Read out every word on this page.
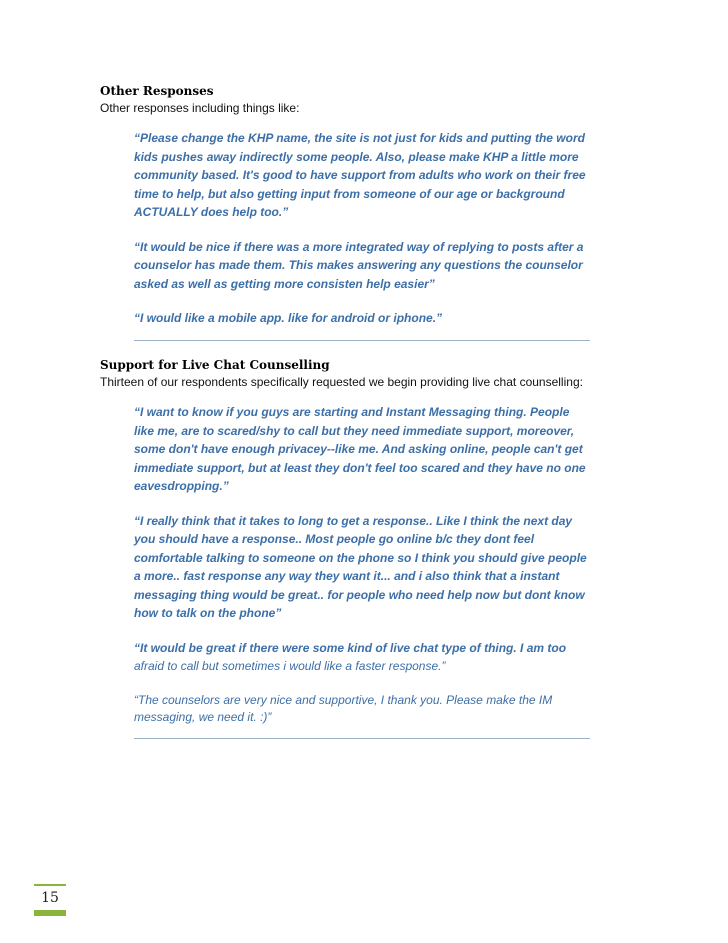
Other Responses

Other responses including things like:

“Please change the KHP name, the site is not just for kids and putting the word kids pushes away indirectly some people. Also, please make KHP a little more community based. It's good to have support from adults who work on their free time to help, but also getting input from someone of our age or background ACTUALLY does help too.”

“It would be nice if there was a more integrated way of replying to posts after a counselor has made them. This makes answering any questions the counselor asked as well as getting more consisten help easier”

“I would like a mobile app. like for android or iphone.”

Support for Live Chat Counselling

Thirteen of our respondents specifically requested we begin providing live chat counselling:

“I want to know if you guys are starting and Instant Messaging thing. People like me, are to scared/shy to call but they need immediate support, moreover, some don't have enough privacey--like me. And asking online, people can't get immediate support, but at least they don't feel too scared and they have no one eavesdropping.”

“I really think that it takes to long to get a response.. Like I think the next day you should have a response.. Most people go online b/c they dont feel comfortable talking to someone on the phone so I think you should give people a more.. fast response any way they want it... and i also think that a instant messaging thing would be great.. for people who need help now but dont know how to talk on the phone”

“It would be great if there were some kind of live chat type of thing. I am too afraid to call but sometimes i would like a faster response.”

“The counselors are very nice and supportive, I thank you. Please make the IM messaging, we need it. :)”

15
